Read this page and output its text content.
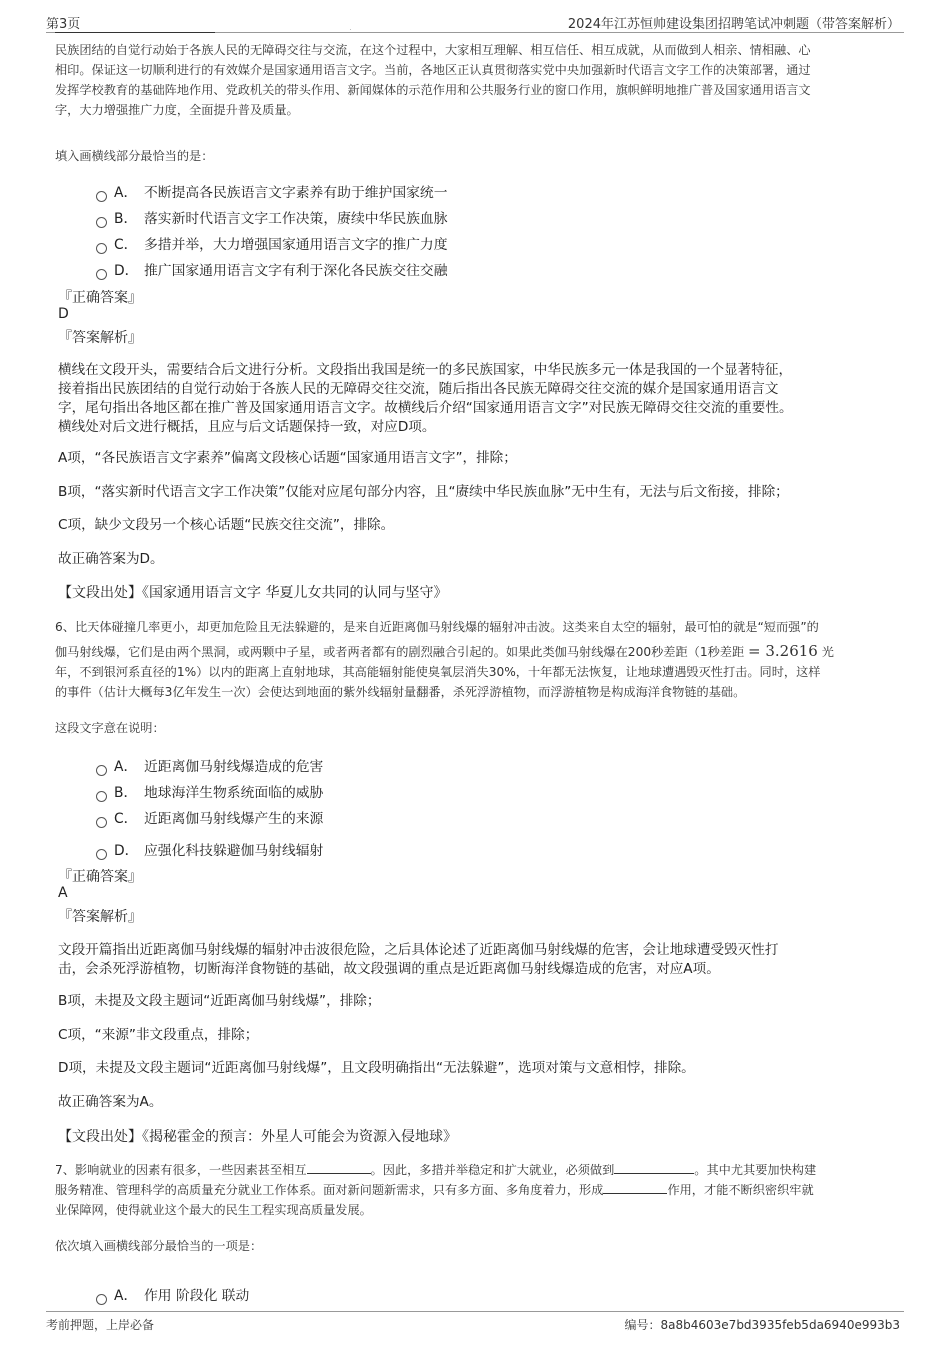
第3页	2024年江苏恒帅建设集团招聘笔试冲刺题（带答案解析）
民族团结的自觉行动始于各族人民的无障碍交往与交流，在这个过程中，大家相互理解、相互信任、相互成就，从而做到人相亲、情相融、心
相印。保证这一切顺利进行的有效媒介是国家通用语言文字。当前，各地区正认真贯彻落实党中央加强新时代语言文字工作的决策部署，通过
发挥学校教育的基础阵地作用、党政机关的带头作用、新闻媒体的示范作用和公共服务行业的窗口作用，旗帜鲜明地推广普及国家通用语言文
字，大力增强推广力度，全面提升普及质量。
填入画横线部分最恰当的是：
A． 不断提高各民族语言文字素养有助于维护国家统一
B． 落实新时代语言文字工作决策，赓续中华民族血脉
C． 多措并举，大力增强国家通用语言文字的推广力度
D． 推广国家通用语言文字有利于深化各民族交往交融
『正确答案』
D
『答案解析』
横线在文段开头，需要结合后文进行分析。文段指出我国是统一的多民族国家，中华民族多元一体是我国的一个显著特征，
接着指出民族团结的自觉行动始于各族人民的无障碍交往交流，随后指出各民族无障碍交往交流的媒介是国家通用语言文
字，尾句指出各地区都在推广普及国家通用语言文字。故横线后介绍“国家通用语言文字”对民族无障碍交往交流的重要性。
横线处对后文进行概括，且应与后文话题保持一致，对应D项。
A项，“各民族语言文字素养”偏离文段核心话题“国家通用语言文字”，排除；
B项，“落实新时代语言文字工作决策”仅能对应尾句部分内容，且“赓续中华民族血脉”无中生有，无法与后文衔接，排除；
C项，缺少文段另一个核心话题“民族交往交流”，排除。
故正确答案为D。
【文段出处】《国家通用语言文字 华夏儿女共同的认同与坚守》
6、比天体碰撞几率更小，却更加危险且无法躲避的，是来自近距离伽马射线爆的辐射冲击波。这类来自太空的辐射，最可怕的就是“短而强”的
伽马射线爆，它们是由两个黑洞，或两颗中子星，或者两者都有的剧烈融合引起的。如果此类伽马射线爆在200秒差距（1秒差距 = 3.2616 光
年，不到银河系直径的1%）以内的距离上直射地球，其高能辐射能使臭氧层消失30%，十年都无法恢复，让地球遭遇毁灭性打击。同时，这样
的事件（估计大概每3亿年发生一次）会使达到地面的紫外线辐射量翻番，杀死浮游植物，而浮游植物是构成海洋食物链的基础。
这段文字意在说明：
A． 近距离伽马射线爆造成的危害
B． 地球海洋生物系统面临的威胁
C． 近距离伽马射线爆产生的来源
D． 应强化科技躲避伽马射线辐射
『正确答案』
A
『答案解析』
文段开篇指出近距离伽马射线爆的辐射冲击波很危险，之后具体论述了近距离伽马射线爆的危害，会让地球遭受毁灭性打
击，会杀死浮游植物，切断海洋食物链的基础，故文段强调的重点是近距离伽马射线爆造成的危害，对应A项。
B项，未提及文段主题词“近距离伽马射线爆”，排除；
C项，“来源”非文段重点，排除；
D项，未提及文段主题词“近距离伽马射线爆”，且文段明确指出“无法躲避”，选项对策与文意相悖，排除。
故正确答案为A。
【文段出处】《揭秘霍金的预言：外星人可能会为资源入侵地球》
7、影响就业的因素有很多，一些因素甚至相互	。因此，多措并举稳定和扩大就业，必须做到	。其中尤其要加快构建
服务精准、管理科学的高质量充分就业工作体系。面对新问题新需求，只有多方面、多角度着力，形成	作用，才能不断织密织牢就
业保障网，使得就业这个最大的民生工程实现高质量发展。
依次填入画横线部分最恰当的一项是：
A． 作用 阶段化 联动
考前押题，上岸必备	编号：8a8b4603e7bd3935feb5da6940e993b3
